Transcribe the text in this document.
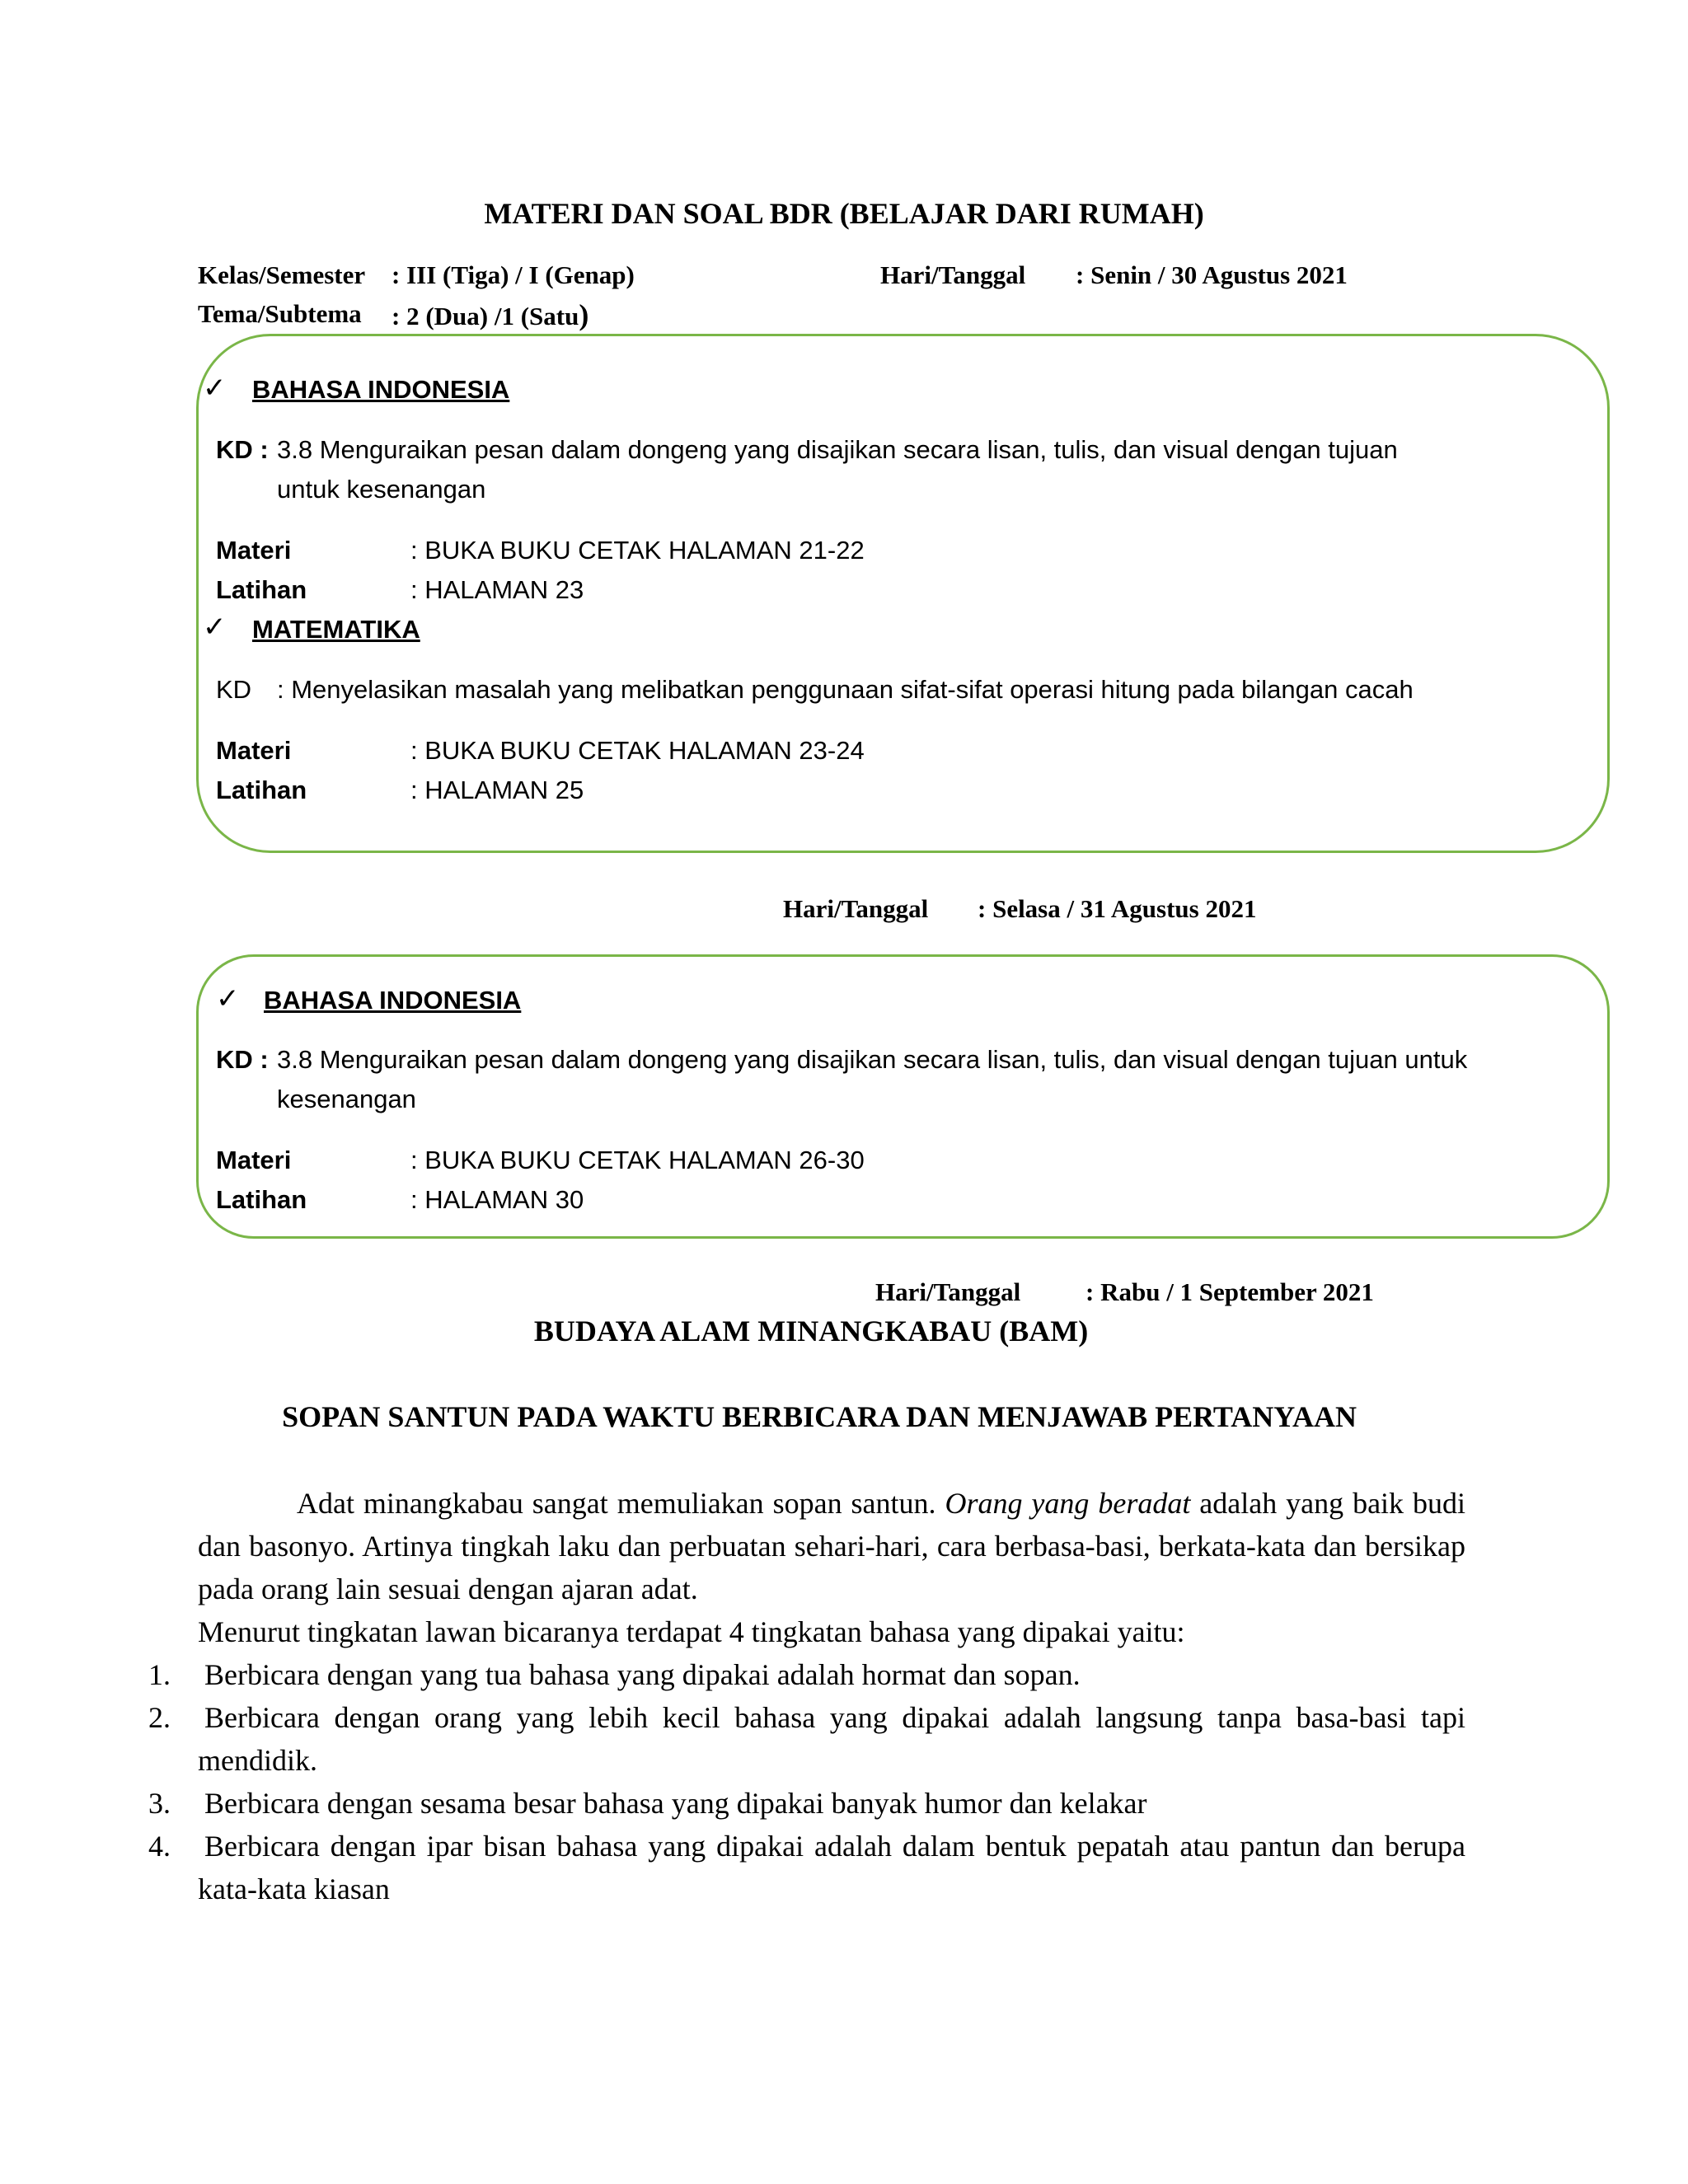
MATERI DAN SOAL BDR (BELAJAR DARI RUMAH)
Kelas/Semester : III (Tiga) / I (Genap)	Hari/Tanggal : Senin / 30 Agustus 2021
Tema/Subtema : 2 (Dua) /1 (Satu)
✓ BAHASA INDONESIA
KD : 3.8 Menguraikan pesan dalam dongeng yang disajikan secara lisan, tulis, dan visual dengan tujuan
untuk kesenangan
Materi	: BUKA BUKU CETAK HALAMAN 21-22
Latihan	: HALAMAN 23
✓ MATEMATIKA
KD : Menyelasikan masalah yang melibatkan penggunaan sifat-sifat operasi hitung pada bilangan cacah
Materi	: BUKA BUKU CETAK HALAMAN 23-24
Latihan	: HALAMAN 25
Hari/Tanggal : Selasa / 31 Agustus 2021
✓ BAHASA INDONESIA
KD : 3.8 Menguraikan pesan dalam dongeng yang disajikan secara lisan, tulis, dan visual dengan tujuan untuk
kesenangan
Materi	: BUKA BUKU CETAK HALAMAN 26-30
Latihan	: HALAMAN 30
Hari/Tanggal	: Rabu / 1 September 2021
BUDAYA ALAM MINANGKABAU (BAM)
SOPAN SANTUN PADA WAKTU BERBICARA DAN MENJAWAB PERTANYAAN
Adat minangkabau sangat memuliakan sopan santun. Orang yang beradat adalah yang baik budi dan basonyo. Artinya tingkah laku dan perbuatan sehari-hari, cara berbasa-basi, berkata-kata dan bersikap pada orang lain sesuai dengan ajaran adat.
Menurut tingkatan lawan bicaranya terdapat 4 tingkatan bahasa yang dipakai yaitu:
1. Berbicara dengan yang tua bahasa yang dipakai adalah hormat dan sopan.
2. Berbicara dengan orang yang lebih kecil bahasa yang dipakai adalah langsung tanpa basa-basi tapi mendidik.
3. Berbicara dengan sesama besar bahasa yang dipakai banyak humor dan kelakar
4. Berbicara dengan ipar bisan bahasa yang dipakai adalah dalam bentuk pepatah atau pantun dan berupa kata-kata kiasan
